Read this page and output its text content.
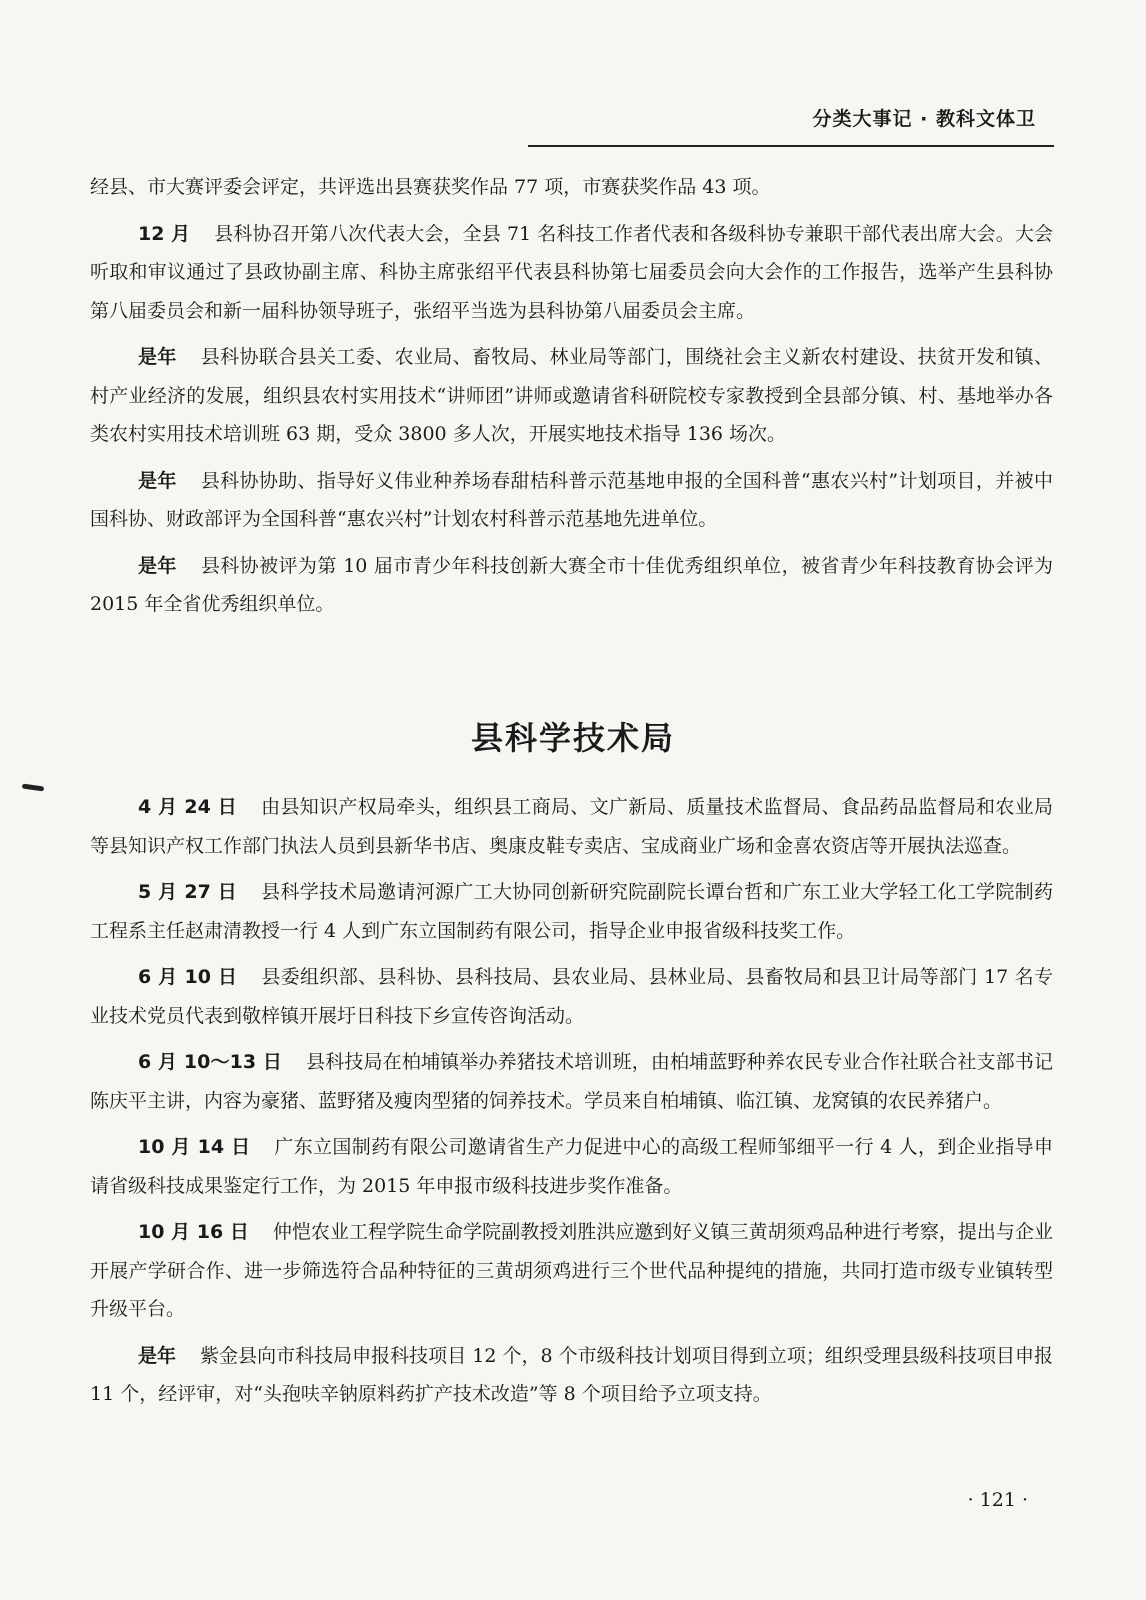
分类大事记 · 教科文体卫

经县、市大赛评委会评定，共评选出县赛获奖作品 77 项，市赛获奖作品 43 项。

12 月 县科协召开第八次代表大会，全县 71 名科技工作者代表和各级科协专兼职干部代表出席大会。大会听取和审议通过了县政协副主席、科协主席张绍平代表县科协第七届委员会向大会作的工作报告，选举产生县科协第八届委员会和新一届科协领导班子，张绍平当选为县科协第八届委员会主席。

是年 县科协联合县关工委、农业局、畜牧局、林业局等部门，围绕社会主义新农村建设、扶贫开发和镇、村产业经济的发展，组织县农村实用技术“讲师团”讲师或邀请省科研院校专家教授到全县部分镇、村、基地举办各类农村实用技术培训班 63 期，受众 3800 多人次，开展实地技术指导 136 场次。

是年 县科协协助、指导好义伟业种养场春甜桔科普示范基地申报的全国科普“惠农兴村”计划项目，并被中国科协、财政部评为全国科普“惠农兴村”计划农村科普示范基地先进单位。

是年 县科协被评为第 10 届市青少年科技创新大赛全市十佳优秀组织单位，被省青少年科技教育协会评为 2015 年全省优秀组织单位。

县科学技术局

4 月 24 日 由县知识产权局牵头，组织县工商局、文广新局、质量技术监督局、食品药品监督局和农业局等县知识产权工作部门执法人员到县新华书店、奥康皮鞋专卖店、宝成商业广场和金喜农资店等开展执法巡查。

5 月 27 日 县科学技术局邀请河源广工大协同创新研究院副院长谭台哲和广东工业大学轻工化工学院制药工程系主任赵肃清教授一行 4 人到广东立国制药有限公司，指导企业申报省级科技奖工作。

6 月 10 日 县委组织部、县科协、县科技局、县农业局、县林业局、县畜牧局和县卫计局等部门 17 名专业技术党员代表到敬梓镇开展圩日科技下乡宣传咨询活动。

6 月 10～13 日 县科技局在柏埔镇举办养猪技术培训班，由柏埔蓝野种养农民专业合作社联合社支部书记陈庆平主讲，内容为豪猪、蓝野猪及瘦肉型猪的饲养技术。学员来自柏埔镇、临江镇、龙窝镇的农民养猪户。

10 月 14 日 广东立国制药有限公司邀请省生产力促进中心的高级工程师邹细平一行 4 人，到企业指导申请省级科技成果鉴定行工作，为 2015 年申报市级科技进步奖作准备。

10 月 16 日 仲恺农业工程学院生命学院副教授刘胜洪应邀到好义镇三黄胡须鸡品种进行考察，提出与企业开展产学研合作、进一步筛选符合品种特征的三黄胡须鸡进行三个世代品种提纯的措施，共同打造市级专业镇转型升级平台。

是年 紫金县向市科技局申报科技项目 12 个，8 个市级科技计划项目得到立项；组织受理县级科技项目申报 11 个，经评审，对“头孢呋辛钠原料药扩产技术改造”等 8 个项目给予立项支持。

· 121 ·
